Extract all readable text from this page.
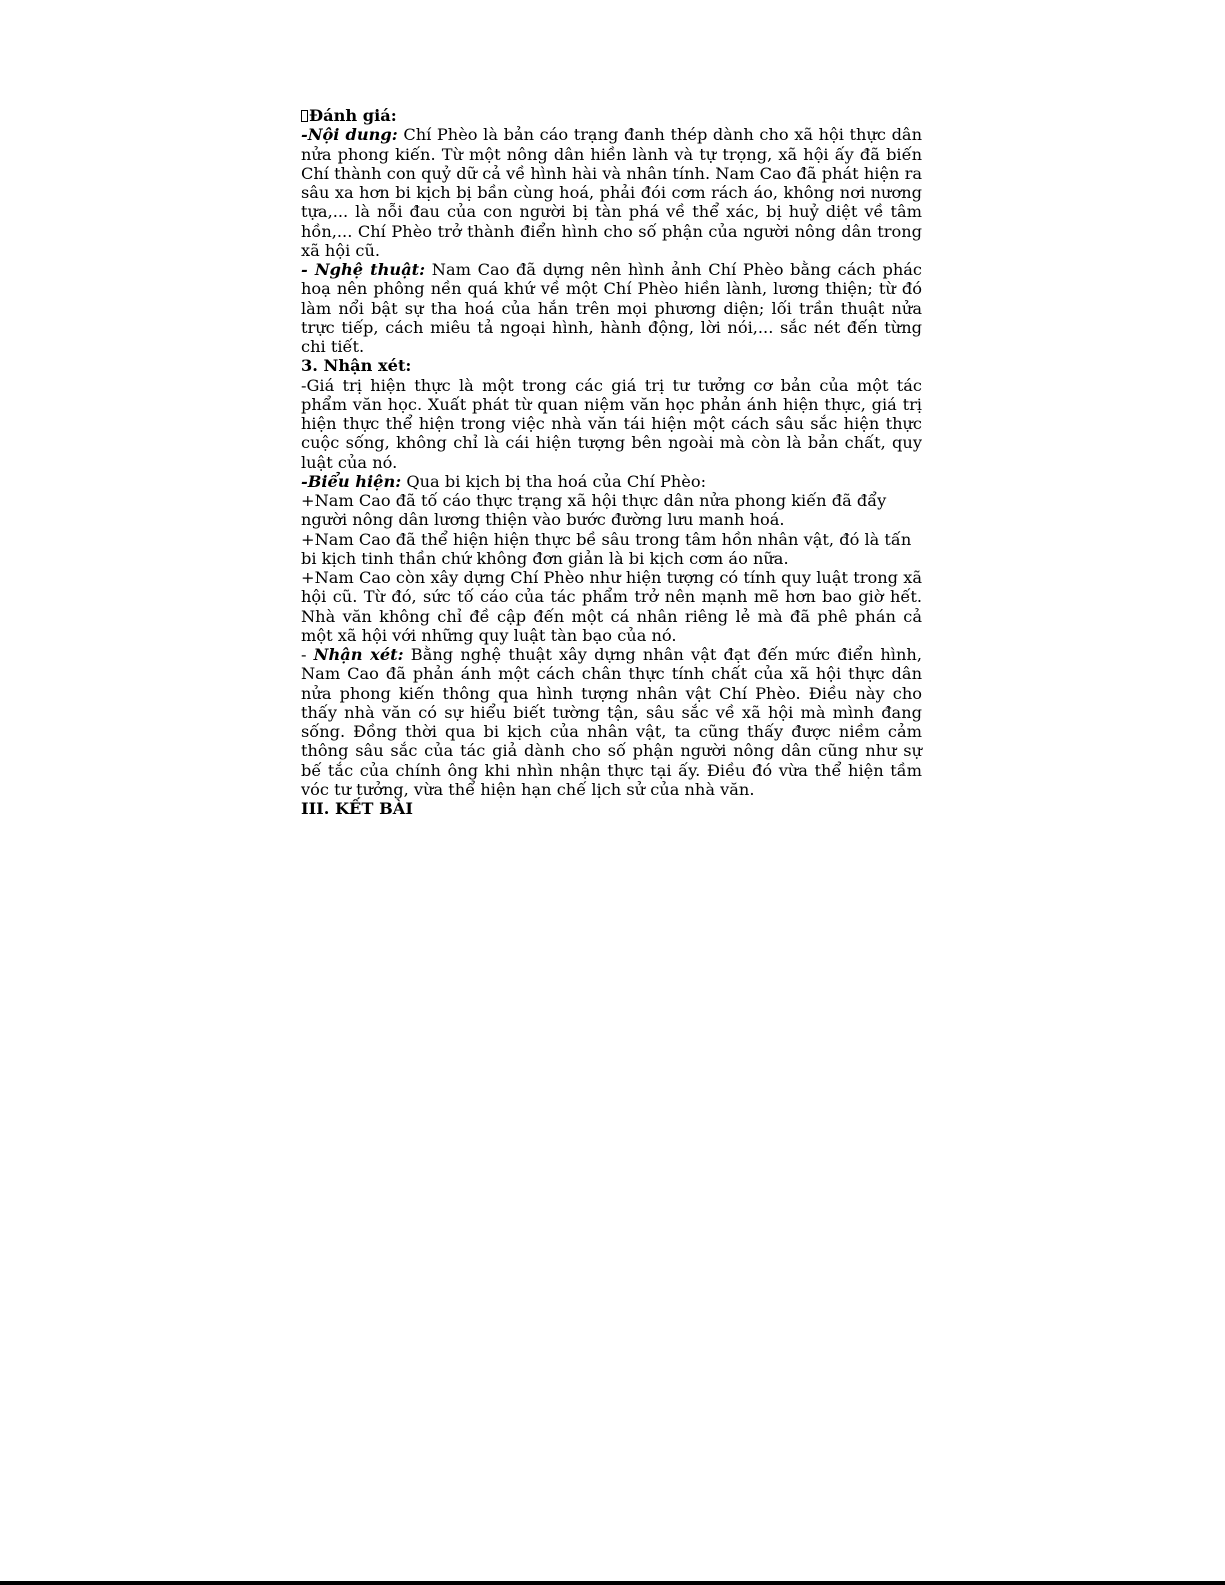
Đánh giá:

-Nội dung: Chí Phèo là bản cáo trạng đanh thép dành cho xã hội thực dân nửa phong kiến. Từ một nông dân hiền lành và tự trọng, xã hội ấy đã biến Chí thành con quỷ dữ cả về hình hài và nhân tính. Nam Cao đã phát hiện ra sâu xa hơn bi kịch bị bần cùng hoá, phải đói cơm rách áo, không nơi nương tựa,... là nỗi đau của con người bị tàn phá về thể xác, bị huỷ diệt về tâm hồn,... Chí Phèo trở thành điển hình cho số phận của người nông dân trong xã hội cũ.

- Nghệ thuật: Nam Cao đã dựng nên hình ảnh Chí Phèo bằng cách phác hoạ nên phông nền quá khứ về một Chí Phèo hiền lành, lương thiện; từ đó làm nổi bật sự tha hoá của hắn trên mọi phương diện; lối trần thuật nửa trực tiếp, cách miêu tả ngoại hình, hành động, lời nói,... sắc nét đến từng chi tiết.

3. Nhận xét:

-Giá trị hiện thực là một trong các giá trị tư tưởng cơ bản của một tác phẩm văn học. Xuất phát từ quan niệm văn học phản ánh hiện thực, giá trị hiện thực thể hiện trong việc nhà văn tái hiện một cách sâu sắc hiện thực cuộc sống, không chỉ là cái hiện tượng bên ngoài mà còn là bản chất, quy luật của nó.

-Biểu hiện: Qua bi kịch bị tha hoá của Chí Phèo:

+Nam Cao đã tố cáo thực trạng xã hội thực dân nửa phong kiến đã đẩy người nông dân lương thiện vào bước đường lưu manh hoá.

+Nam Cao đã thể hiện hiện thực bề sâu trong tâm hồn nhân vật, đó là tấn bi kịch tinh thần chứ không đơn giản là bi kịch cơm áo nữa.

+Nam Cao còn xây dựng Chí Phèo như hiện tượng có tính quy luật trong xã hội cũ. Từ đó, sức tố cáo của tác phẩm trở nên mạnh mẽ hơn bao giờ hết. Nhà văn không chỉ đề cập đến một cá nhân riêng lẻ mà đã phê phán cả một xã hội với những quy luật tàn bạo của nó.

- Nhận xét: Bằng nghệ thuật xây dựng nhân vật đạt đến mức điển hình, Nam Cao đã phản ánh một cách chân thực tính chất của xã hội thực dân nửa phong kiến thông qua hình tượng nhân vật Chí Phèo. Điều này cho thấy nhà văn có sự hiểu biết tường tận, sâu sắc về xã hội mà mình đang sống. Đồng thời qua bi kịch của nhân vật, ta cũng thấy được niềm cảm thông sâu sắc của tác giả dành cho số phận người nông dân cũng như sự bế tắc của chính ông khi nhìn nhận thực tại ấy. Điều đó vừa thể hiện tầm vóc tư tưởng, vừa thể hiện hạn chế lịch sử của nhà văn.

III. KẾT BÀI
